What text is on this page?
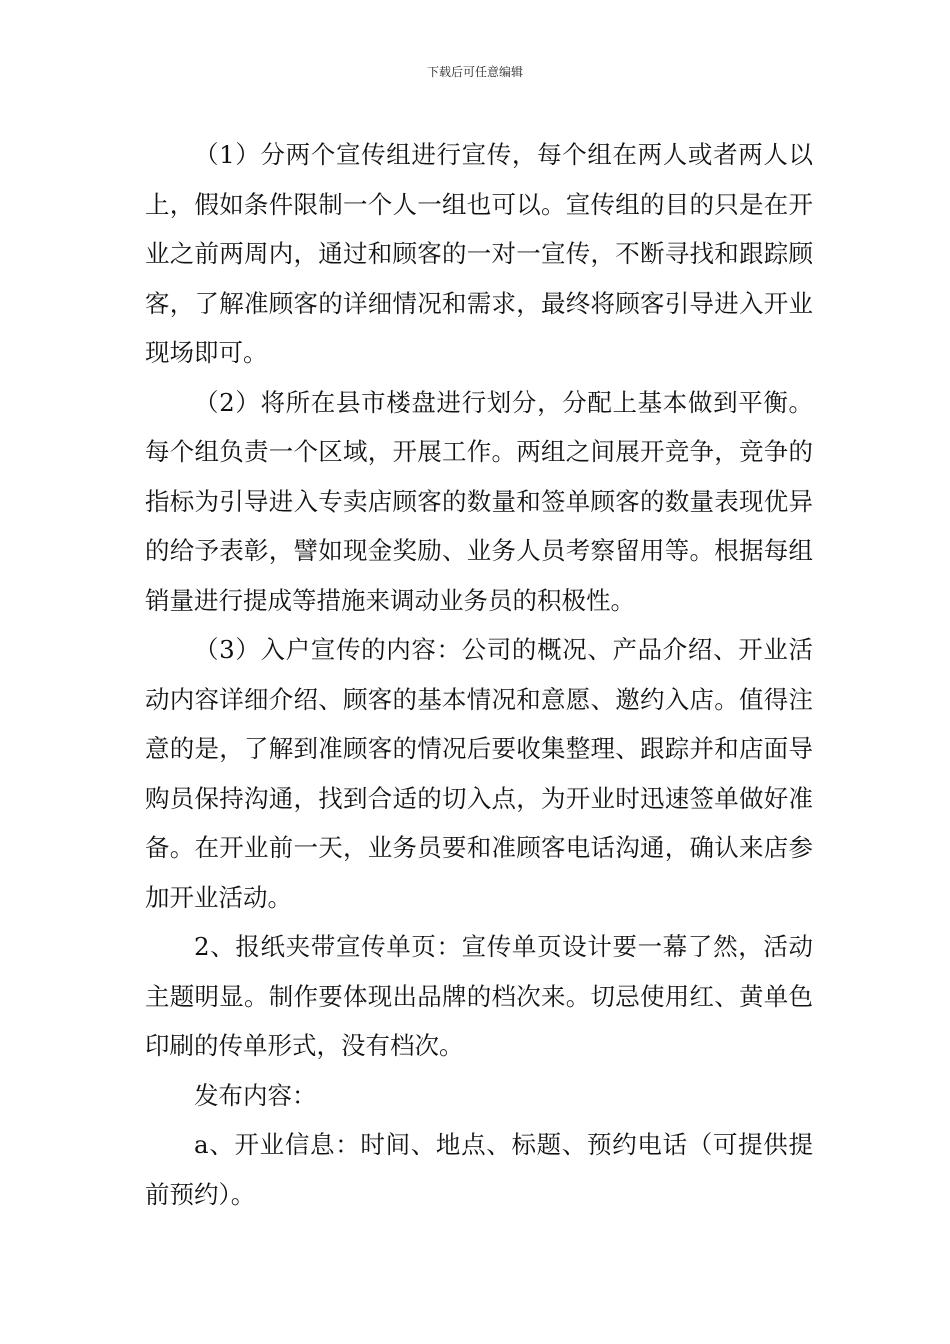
下载后可任意编辑

（1）分两个宣传组进行宣传，每个组在两人或者两人以上，假如条件限制一个人一组也可以。宣传组的目的只是在开业之前两周内，通过和顾客的一对一宣传，不断寻找和跟踪顾客，了解准顾客的详细情况和需求，最终将顾客引导进入开业现场即可。

（2）将所在县市楼盘进行划分，分配上基本做到平衡。每个组负责一个区域，开展工作。两组之间展开竞争，竞争的指标为引导进入专卖店顾客的数量和签单顾客的数量表现优异的给予表彰，譬如现金奖励、业务人员考察留用等。根据每组销量进行提成等措施来调动业务员的积极性。

（3）入户宣传的内容：公司的概况、产品介绍、开业活动内容详细介绍、顾客的基本情况和意愿、邀约入店。值得注意的是，了解到准顾客的情况后要收集整理、跟踪并和店面导购员保持沟通，找到合适的切入点，为开业时迅速签单做好准备。在开业前一天，业务员要和准顾客电话沟通，确认来店参加开业活动。

2、报纸夹带宣传单页：宣传单页设计要一幕了然，活动主题明显。制作要体现出品牌的档次来。切忌使用红、黄单色印刷的传单形式，没有档次。

发布内容：

a、开业信息：时间、地点、标题、预约电话（可提供提前预约）。
